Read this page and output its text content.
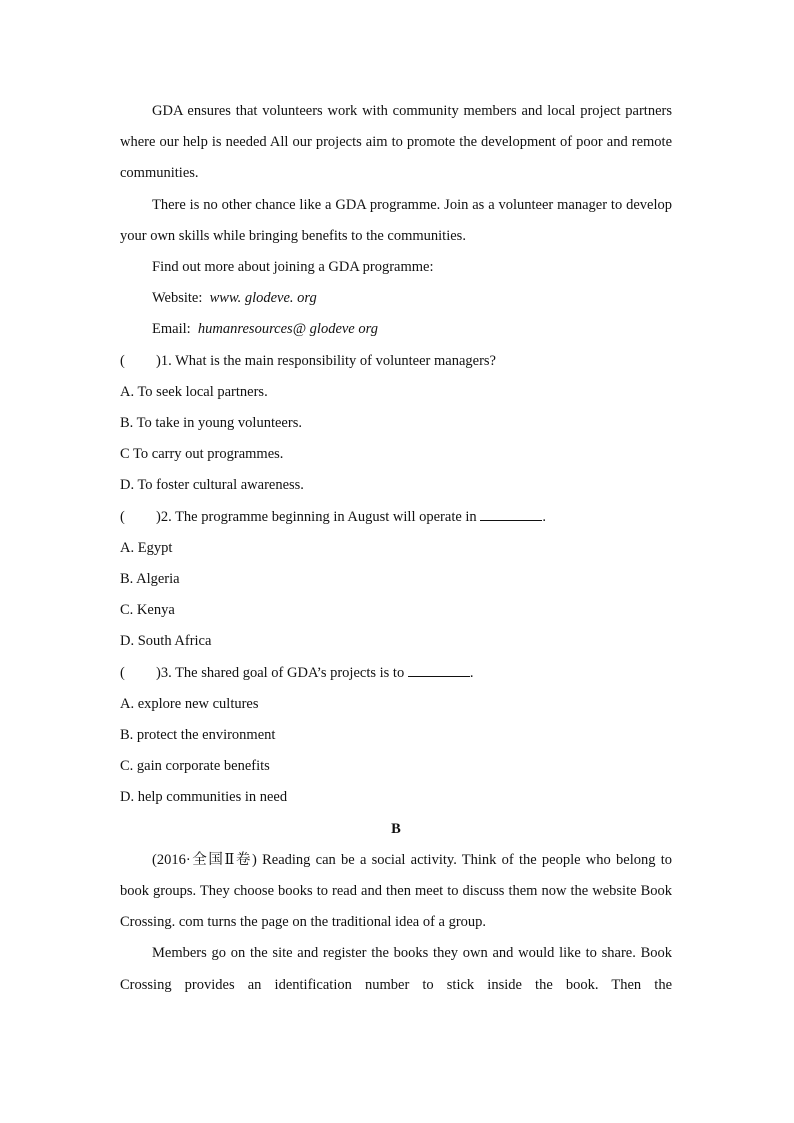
GDA ensures that volunteers work with community members and local project partners where our help is needed All our projects aim to promote the development of poor and remote communities.

There is no other chance like a GDA programme. Join as a volunteer manager to develop your own skills while bringing benefits to the communities.

Find out more about joining a GDA programme:

Website: www. glodeve. org

Email: humanresources@ glodeve org

( )1. What is the main responsibility of volunteer managers?

A. To seek local partners.

B. To take in young volunteers.

C To carry out programmes.

D. To foster cultural awareness.

( )2. The programme beginning in August will operate in	.

A. Egypt

B. Algeria

C. Kenya

D. South Africa

( )3. The shared goal of GDA’s projects is to	.

A. explore new cultures

B. protect the environment

C. gain corporate benefits

D. help communities in need

B

(2016·全国Ⅱ卷) Reading can be a social activity. Think of the people who belong to book groups. They choose books to read and then meet to discuss them now the website Book Crossing. com turns the page on the traditional idea of a group.

Members go on the site and register the books they own and would like to share. Book Crossing provides an identification number to stick inside the book. Then the
